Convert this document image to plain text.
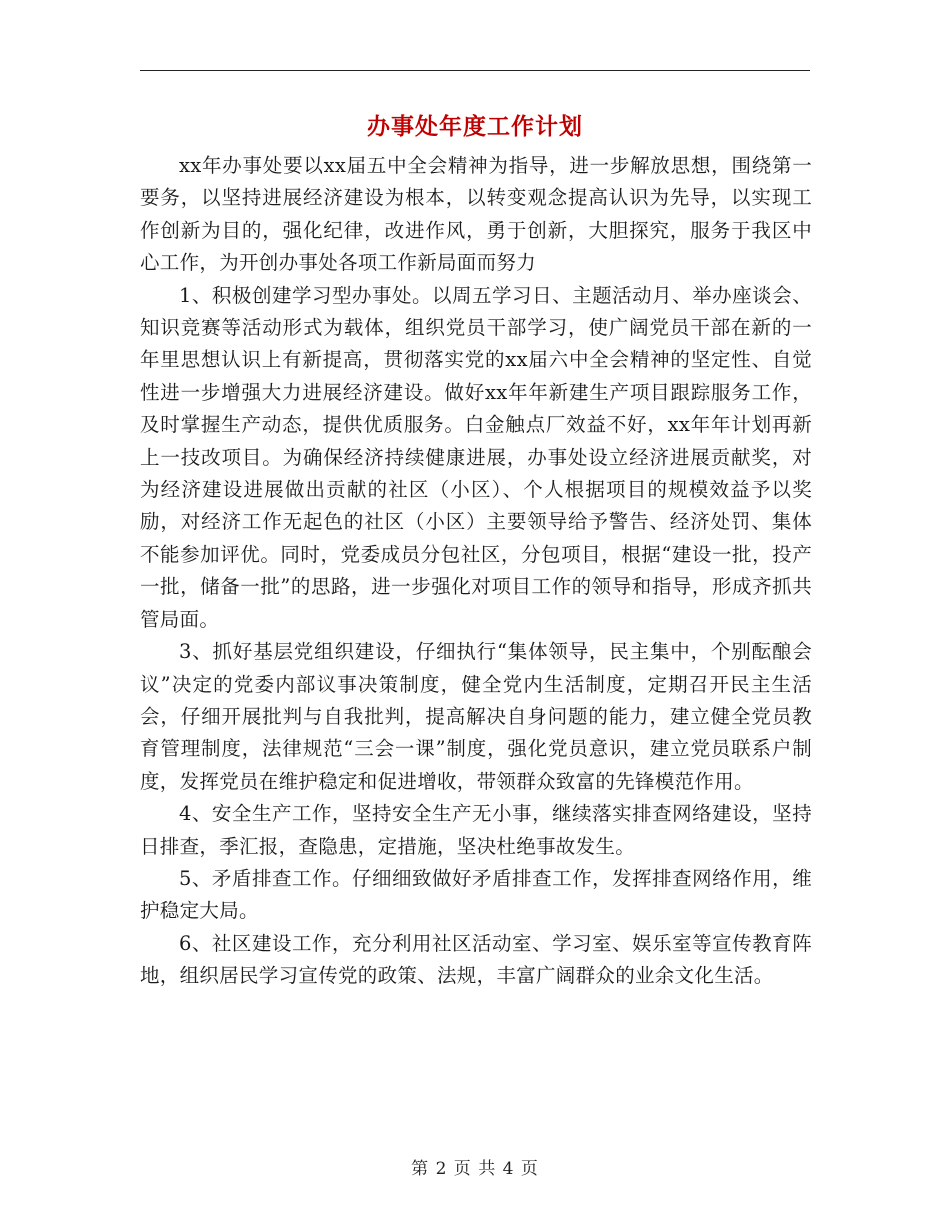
办事处年度工作计划

xx年办事处要以xx届五中全会精神为指导，进一步解放思想，围绕第一要务，以坚持进展经济建设为根本，以转变观念提高认识为先导，以实现工作创新为目的，强化纪律，改进作风，勇于创新，大胆探究，服务于我区中心工作，为开创办事处各项工作新局面而努力

1、积极创建学习型办事处。以周五学习日、主题活动月、举办座谈会、知识竞赛等活动形式为载体，组织党员干部学习，使广阔党员干部在新的一年里思想认识上有新提高，贯彻落实党的xx届六中全会精神的坚定性、自觉性进一步增强大力进展经济建设。做好xx年年新建生产项目跟踪服务工作，及时掌握生产动态，提供优质服务。白金触点厂效益不好，xx年年计划再新上一技改项目。为确保经济持续健康进展，办事处设立经济进展贡献奖，对为经济建设进展做出贡献的社区（小区）、个人根据项目的规模效益予以奖励，对经济工作无起色的社区（小区）主要领导给予警告、经济处罚、集体不能参加评优。同时，党委成员分包社区，分包项目，根据“建设一批，投产一批，储备一批”的思路，进一步强化对项目工作的领导和指导，形成齐抓共管局面。

3、抓好基层党组织建设，仔细执行“集体领导，民主集中，个别酝酿会议”决定的党委内部议事决策制度，健全党内生活制度，定期召开民主生活会，仔细开展批判与自我批判，提高解决自身问题的能力，建立健全党员教育管理制度，法律规范“三会一课”制度，强化党员意识，建立党员联系户制度，发挥党员在维护稳定和促进增收，带领群众致富的先锋模范作用。

4、安全生产工作，坚持安全生产无小事，继续落实排查网络建设，坚持日排查，季汇报，查隐患，定措施，坚决杜绝事故发生。

5、矛盾排查工作。仔细细致做好矛盾排查工作，发挥排查网络作用，维护稳定大局。

6、社区建设工作，充分利用社区活动室、学习室、娱乐室等宣传教育阵地，组织居民学习宣传党的政策、法规，丰富广阔群众的业余文化生活。

第 2 页 共 4 页
